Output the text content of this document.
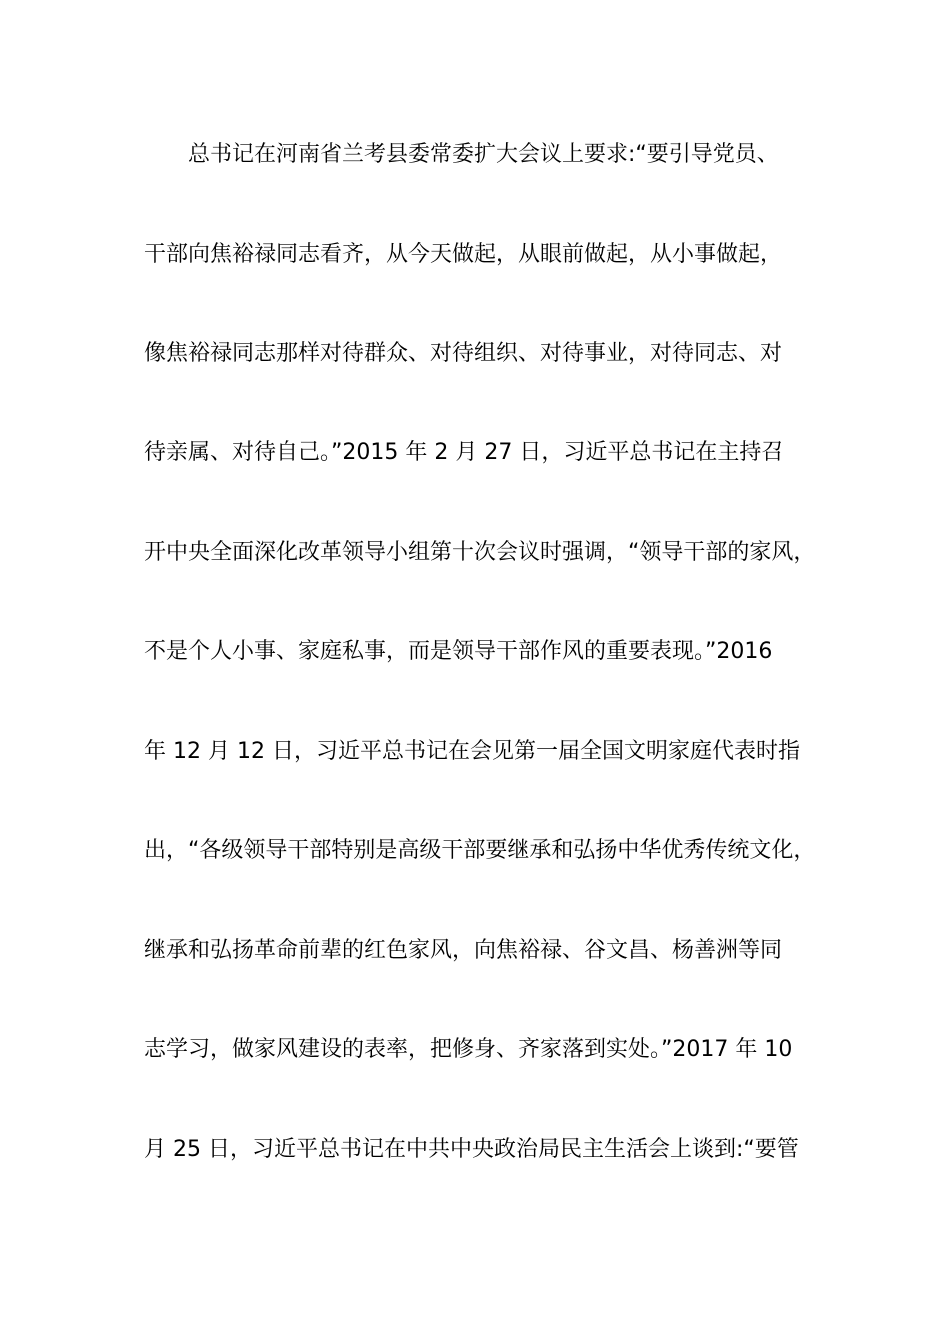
总书记在河南省兰考县委常委扩大会议上要求:“要引导党员、
干部向焦裕禄同志看齐，从今天做起，从眼前做起，从小事做起，
像焦裕禄同志那样对待群众、对待组织、对待事业，对待同志、对
待亲属、对待自己。”2015 年 2 月 27 日，习近平总书记在主持召
开中央全面深化改革领导小组第十次会议时强调，“领导干部的家风，
不是个人小事、家庭私事，而是领导干部作风的重要表现。”2016
年 12 月 12 日，习近平总书记在会见第一届全国文明家庭代表时指
出，“各级领导干部特别是高级干部要继承和弘扬中华优秀传统文化，
继承和弘扬革命前辈的红色家风，向焦裕禄、谷文昌、杨善洲等同
志学习，做家风建设的表率，把修身、齐家落到实处。”2017 年 10
月 25 日，习近平总书记在中共中央政治局民主生活会上谈到:“要管
